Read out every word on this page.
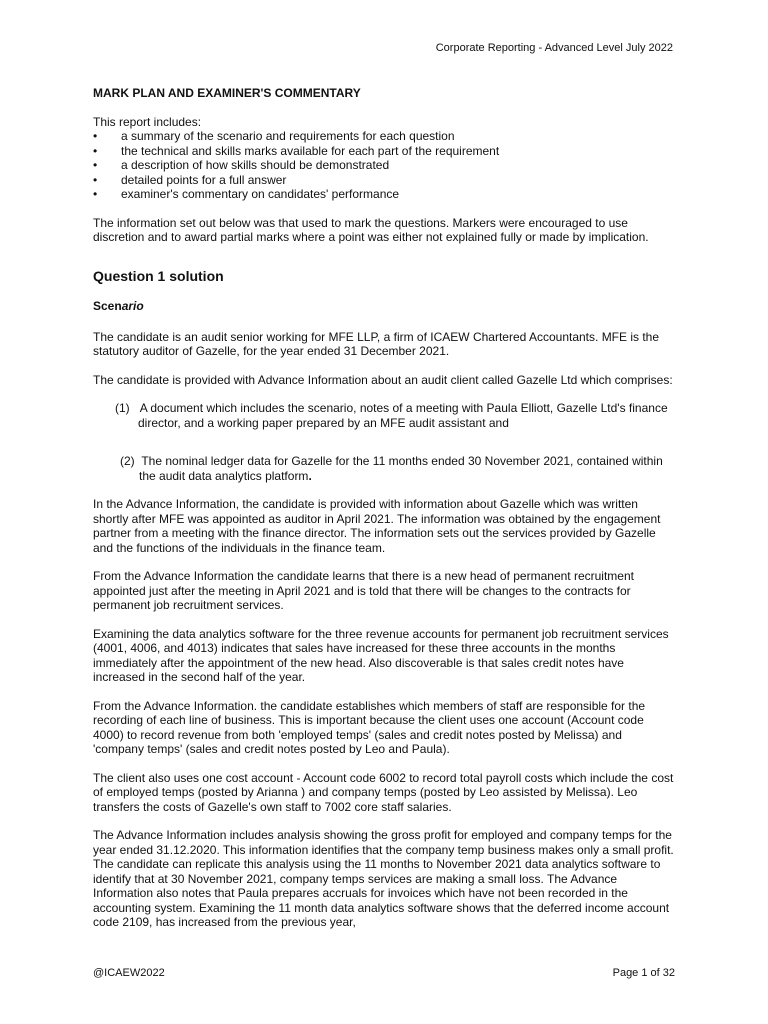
Corporate Reporting - Advanced Level July 2022
MARK PLAN AND EXAMINER'S COMMENTARY

This report includes:

• a summary of the scenario and requirements for each question
• the technical and skills marks available for each part of the requirement
• a description of how skills should be demonstrated
• detailed points for a full answer
• examiner's commentary on candidates' performance

The information set out below was that used to mark the questions. Markers were encouraged to use discretion and to award partial marks where a point was either not explained fully or made by implication.

Question 1 solution
Scenario

The candidate is an audit senior working for MFE LLP, a firm of ICAEW Chartered Accountants. MFE is the statutory auditor of Gazelle, for the year ended 31 December 2021.

The candidate is provided with Advance Information about an audit client called Gazelle Ltd which comprises:

(1) A document which includes the scenario, notes of a meeting with Paula Elliott, Gazelle Ltd's finance director, and a working paper prepared by an MFE audit assistant and
(2) The nominal ledger data for Gazelle for the 11 months ended 30 November 2021, contained within the audit data analytics platform.

In the Advance Information, the candidate is provided with information about Gazelle which was written shortly after MFE was appointed as auditor in April 2021. The information was obtained by the engagement partner from a meeting with the finance director. The information sets out the services provided by Gazelle and the functions of the individuals in the finance team.

From the Advance Information the candidate learns that there is a new head of permanent recruitment appointed just after the meeting in April 2021 and is told that there will be changes to the contracts for permanent job recruitment services.

Examining the data analytics software for the three revenue accounts for permanent job recruitment services (4001, 4006, and 4013) indicates that sales have increased for these three accounts in the months immediately after the appointment of the new head. Also discoverable is that sales credit notes have increased in the second half of the year.

From the Advance Information. the candidate establishes which members of staff are responsible for the recording of each line of business. This is important because the client uses one account (Account code 4000) to record revenue from both 'employed temps' (sales and credit notes posted by Melissa) and 'company temps' (sales and credit notes posted by Leo and Paula).

The client also uses one cost account - Account code 6002 to record total payroll costs which include the cost of employed temps (posted by Arianna ) and company temps (posted by Leo assisted by Melissa). Leo transfers the costs of Gazelle's own staff to 7002 core staff salaries.

The Advance Information includes analysis showing the gross profit for employed and company temps for the year ended 31.12.2020. This information identifies that the company temp business makes only a small profit. The candidate can replicate this analysis using the 11 months to November 2021 data analytics software to identify that at 30 November 2021, company temps services are making a small loss. The Advance Information also notes that Paula prepares accruals for invoices which have not been recorded in the accounting system. Examining the 11 month data analytics software shows that the deferred income account code 2109, has increased from the previous year,

@ICAEW2022	Page 1 of 32
